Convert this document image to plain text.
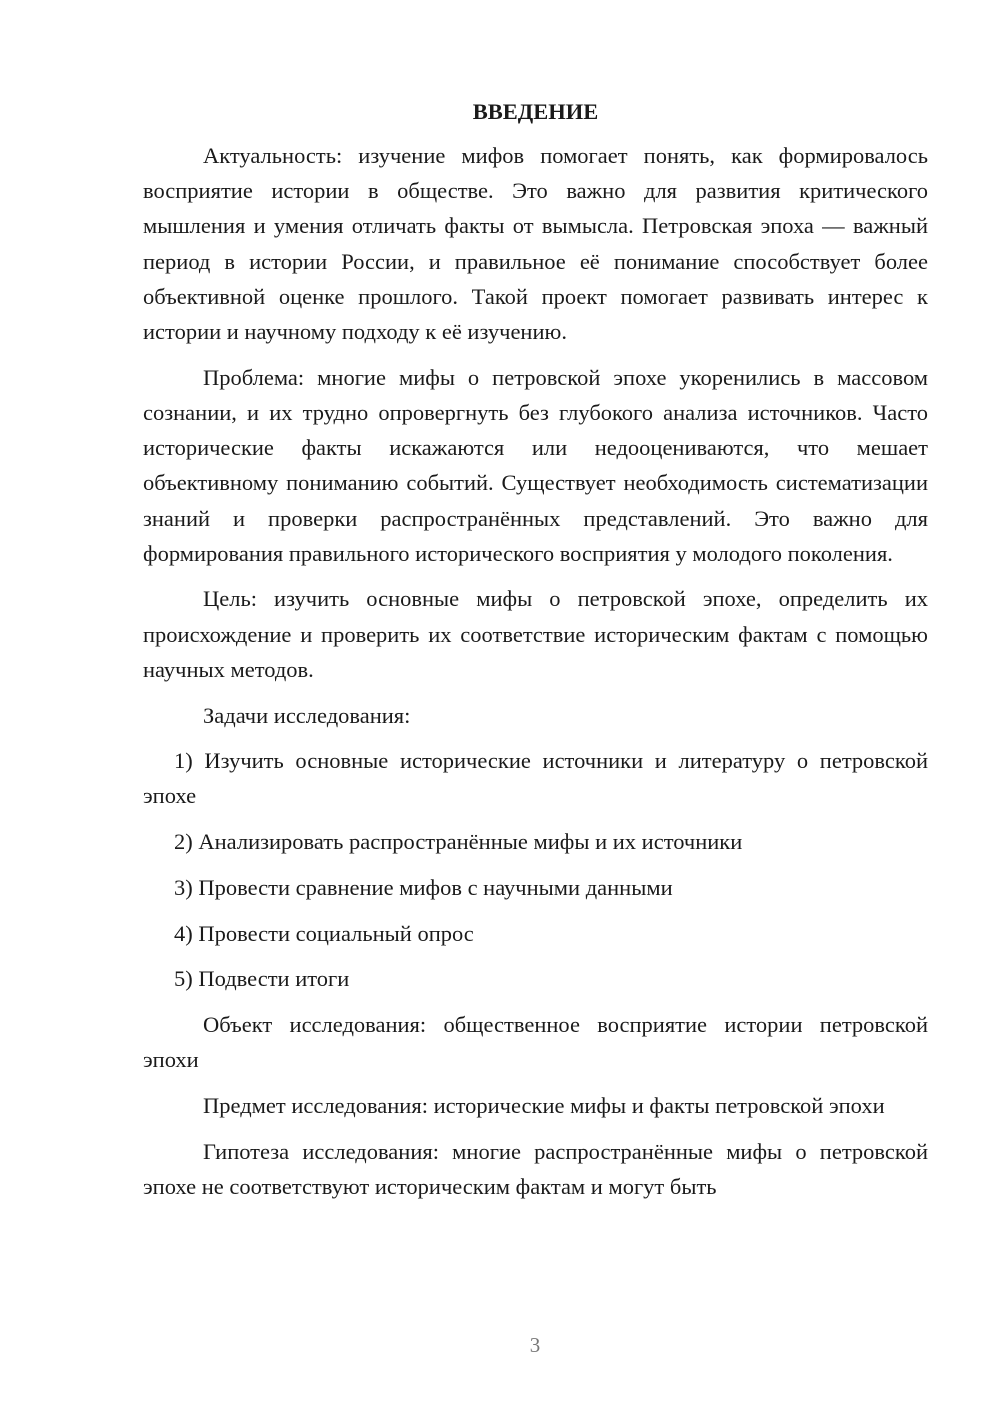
ВВЕДЕНИЕ

Актуальность: изучение мифов помогает понять, как формировалось восприятие истории в обществе. Это важно для развития критического мышления и умения отличать факты от вымысла. Петровская эпоха — важный период в истории России, и правильное её понимание способствует более объективной оценке прошлого. Такой проект помогает развивать интерес к истории и научному подходу к её изучению.

Проблема: многие мифы о петровской эпохе укоренились в массовом сознании, и их трудно опровергнуть без глубокого анализа источников. Часто исторические факты искажаются или недооцениваются, что мешает объективному пониманию событий. Существует необходимость систематизации знаний и проверки распространённых представлений. Это важно для формирования правильного исторического восприятия у молодого поколения.

Цель: изучить основные мифы о петровской эпохе, определить их происхождение и проверить их соответствие историческим фактам с помощью научных методов.

Задачи исследования:

1) Изучить основные исторические источники и литературу о петровской эпохе

2) Анализировать распространённые мифы и их источники

3) Провести сравнение мифов с научными данными

4) Провести социальный опрос

5) Подвести итоги

Объект исследования: общественное восприятие истории петровской эпохи

Предмет исследования: исторические мифы и факты петровской эпохи

Гипотеза исследования: многие распространённые мифы о петровской эпохе не соответствуют историческим фактам и могут быть

3
